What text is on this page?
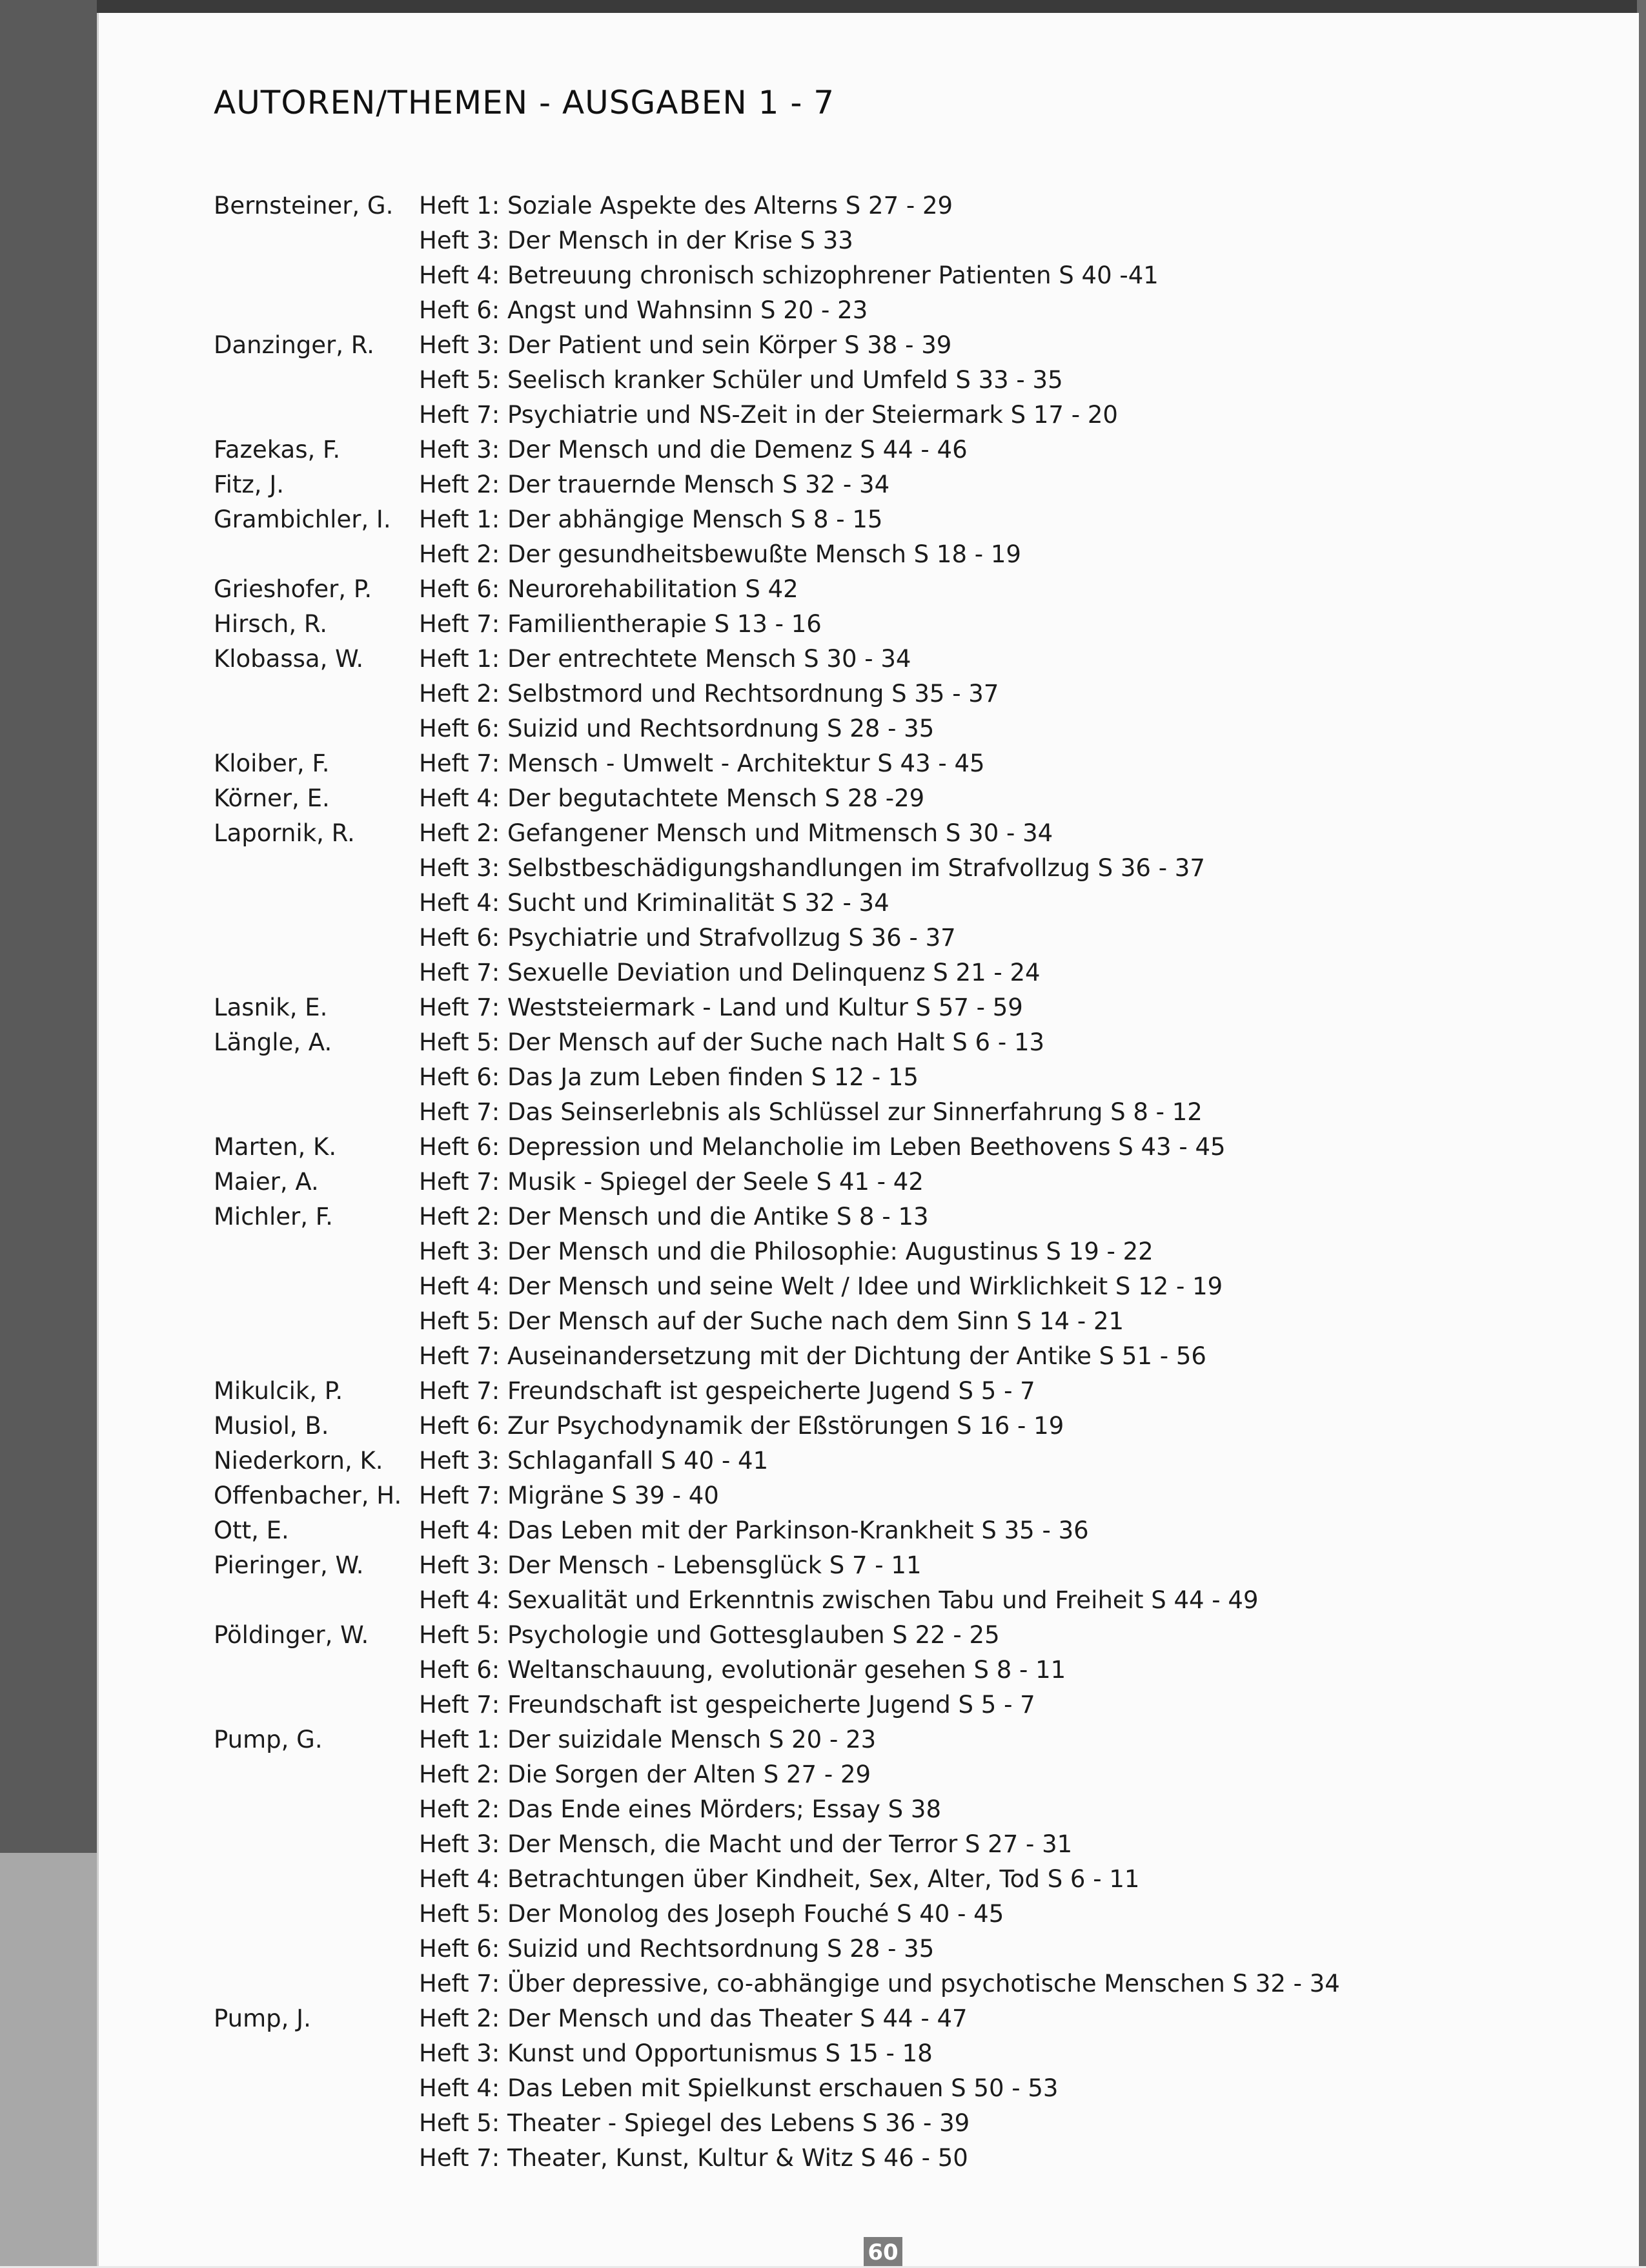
AUTOREN/THEMEN - AUSGABEN 1 - 7
Bernsteiner, G. Heft 1: Soziale Aspekte des Alterns S 27 - 29
Heft 3: Der Mensch in der Krise S 33
Heft 4: Betreuung chronisch schizophrener Patienten S 40 -41
Heft 6: Angst und Wahnsinn S 20 - 23
Danzinger, R. Heft 3: Der Patient und sein Körper S 38 - 39
Heft 5: Seelisch kranker Schüler und Umfeld S 33 - 35
Heft 7: Psychiatrie und NS-Zeit in der Steiermark S 17 - 20
Fazekas, F.	Heft 3: Der Mensch und die Demenz S 44 - 46
Fitz, J.	Heft 2: Der trauernde Mensch S 32 - 34
Grambichler, I. Heft 1: Der abhängige Mensch S 8 - 15
Heft 2: Der gesundheitsbewußte Mensch S 18 - 19
Grieshofer, P. Heft 6: Neurorehabilitation S 42
Hirsch, R.	Heft 7: Familientherapie S 13 - 16
Klobassa, W. Heft 1: Der entrechtete Mensch S 30 - 34
Heft 2: Selbstmord und Rechtsordnung S 35 - 37
Heft 6: Suizid und Rechtsordnung S 28 - 35
Kloiber, F.	Heft 7: Mensch - Umwelt - Architektur S 43 - 45
Körner, E.	Heft 4: Der begutachtete Mensch S 28 -29
Lapornik, R.	Heft 2: Gefangener Mensch und Mitmensch S 30 - 34
Heft 3: Selbstbeschädigungshandlungen im Strafvollzug S 36 - 37
Heft 4: Sucht und Kriminalität S 32 - 34
Heft 6: Psychiatrie und Strafvollzug S 36 - 37
Heft 7: Sexuelle Deviation und Delinquenz S 21 - 24
Lasnik, E.	Heft 7: Weststeiermark - Land und Kultur S 57 - 59
Längle, A.	Heft 5: Der Mensch auf der Suche nach Halt S 6 - 13
Heft 6: Das Ja zum Leben finden S 12 - 15
Heft 7: Das Seinserlebnis als Schlüssel zur Sinnerfahrung S 8 - 12
Marten, K.	Heft 6: Depression und Melancholie im Leben Beethovens S 43 - 45
Maier, A.	Heft 7: Musik - Spiegel der Seele S 41 - 42
Michler, F.	Heft 2: Der Mensch und die Antike S 8 - 13
Heft 3: Der Mensch und die Philosophie: Augustinus S 19 - 22
Heft 4: Der Mensch und seine Welt / Idee und Wirklichkeit S 12 - 19
Heft 5: Der Mensch auf der Suche nach dem Sinn S 14 - 21
Heft 7: Auseinandersetzung mit der Dichtung der Antike S 51 - 56
Mikulcik, P.	Heft 7: Freundschaft ist gespeicherte Jugend S 5 - 7
Musiol, B.	Heft 6: Zur Psychodynamik der Eßstörungen S 16 - 19
Niederkorn, K. Heft 3: Schlaganfall S 40 - 41
Offenbacher, H. Heft 7: Migräne S 39 - 40
Ott, E.	Heft 4: Das Leben mit der Parkinson-Krankheit S 35 - 36
Pieringer, W. Heft 3: Der Mensch - Lebensglück S 7 - 11
Heft 4: Sexualität und Erkenntnis zwischen Tabu und Freiheit S 44 - 49
Pöldinger, W. Heft 5: Psychologie und Gottesglauben S 22 - 25
Heft 6: Weltanschauung, evolutionär gesehen S 8 - 11
Heft 7: Freundschaft ist gespeicherte Jugend S 5 - 7
Pump, G.	Heft 1: Der suizidale Mensch S 20 - 23
Heft 2: Die Sorgen der Alten S 27 - 29
Heft 2: Das Ende eines Mörders; Essay S 38
Heft 3: Der Mensch, die Macht und der Terror S 27 - 31
Heft 4: Betrachtungen über Kindheit, Sex, Alter, Tod S 6 - 11
Heft 5: Der Monolog des Joseph Fouché S 40 - 45
Heft 6: Suizid und Rechtsordnung S 28 - 35
Heft 7: Über depressive, co-abhängige und psychotische Menschen S 32 - 34
Pump, J.	Heft 2: Der Mensch und das Theater S 44 - 47
Heft 3: Kunst und Opportunismus S 15 - 18
Heft 4: Das Leben mit Spielkunst erschauen S 50 - 53
Heft 5: Theater - Spiegel des Lebens S 36 - 39
Heft 7: Theater, Kunst, Kultur & Witz S 46 - 50
60
